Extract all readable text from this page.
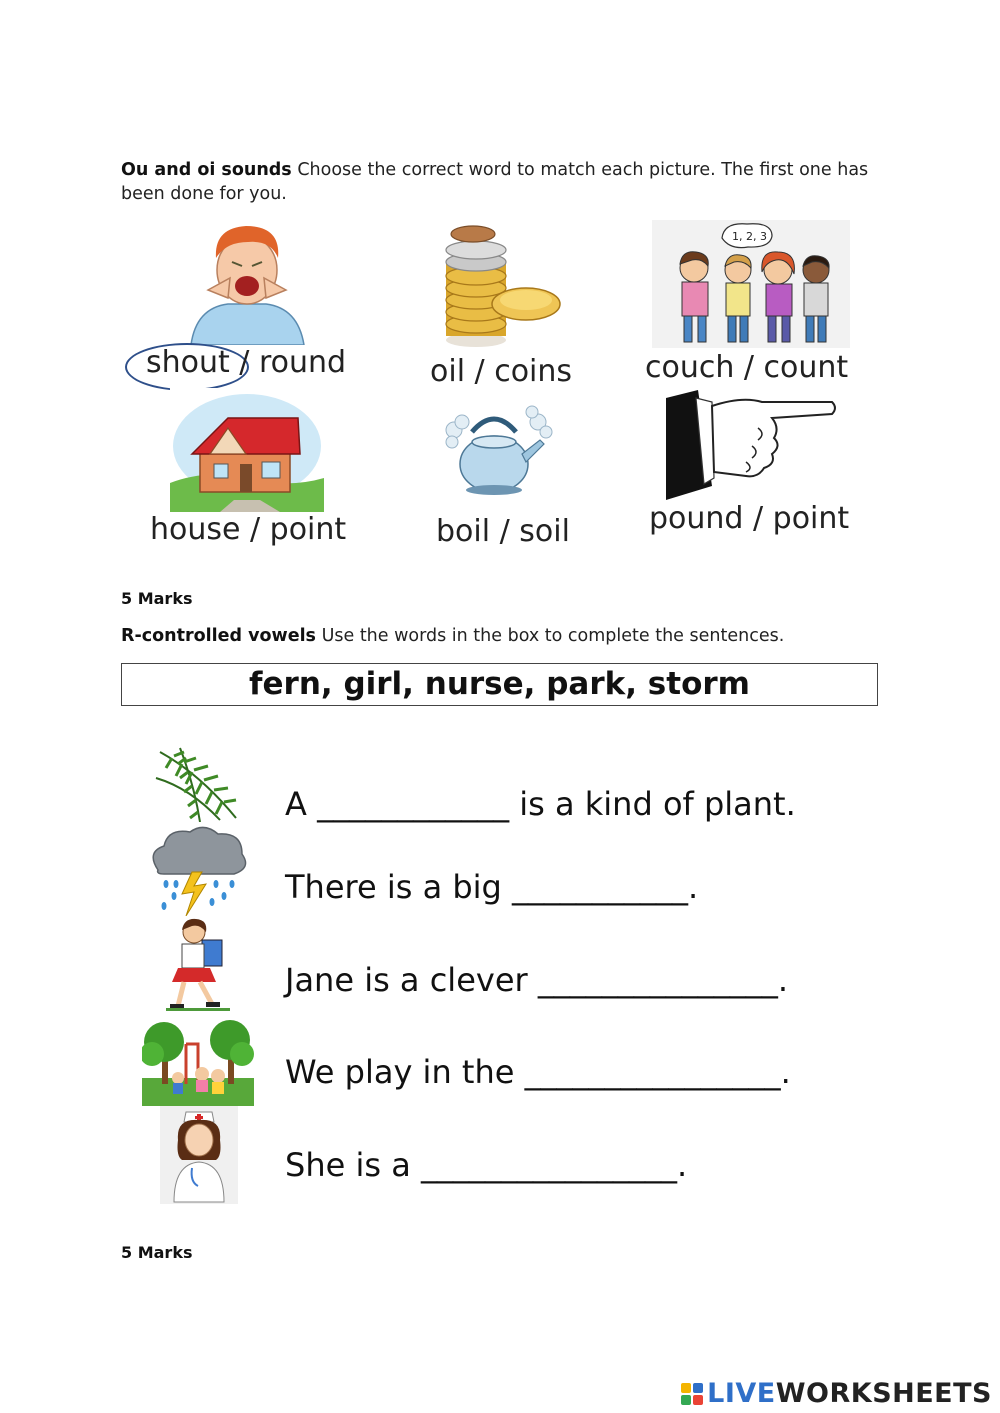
Ou and oi sounds Choose the correct word to match each picture. The first one has been done for you.
1, 2, 3
shout / round	oil / coins couch / count
house / point	boil / soil	pound / point
5 Marks
R-controlled vowels Use the words in the box to complete the sentences.
fern, girl, nurse, park, storm
A ____________ is a kind of plant.
There is a big ___________.
Jane is a clever _______________.
We play in the ________________.
She is a ________________.
5 Marks
LIVE WORKSHEETS
